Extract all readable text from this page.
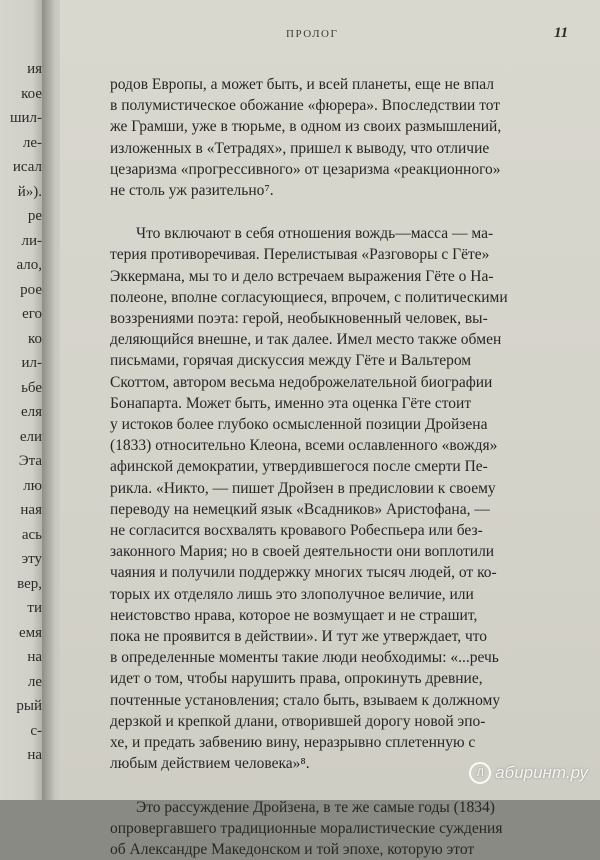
ия
кое
шил-
ле-
исал
й»).
ре
ли-
ало,
рое
его
ко
ил-
ьбе
еля
ели
Эта
лю
ная
ась
эту
вер,
ти
емя
на
ле
рый
с-
на
ПРОЛОГ	11
родов Европы, а может быть, и всей планеты, еще не впал
в полумистическое обожание «фюрера». Впоследствии тот
же Грамши, уже в тюрьме, в одном из своих размышлений,
изложенных в «Тетрадях», пришел к выводу, что отличие
цезаризма «прогрессивного» от цезаризма «реакционного»
не столь уж разительно⁷.
Что включают в себя отношения вождь—масса — ма-
терия противоречивая. Перелистывая «Разговоры с Гёте»
Эккермана, мы то и дело встречаем выражения Гёте о На-
полеоне, вполне согласующиеся, впрочем, с политическими
воззрениями поэта: герой, необыкновенный человек, вы-
деляющийся внешне, и так далее. Имел место также обмен
письмами, горячая дискуссия между Гёте и Вальтером
Скоттом, автором весьма недоброжелательной биографии
Бонапарта. Может быть, именно эта оценка Гёте стоит
у истоков более глубоко осмысленной позиции Дройзена
(1833) относительно Клеона, всеми ославленного «вождя»
афинской демократии, утвердившегося после смерти Пе-
рикла. «Никто, — пишет Дройзен в предисловии к своему
переводу на немецкий язык «Всадников» Аристофана, —
не согласится восхвалять кровавого Робеспьера или без-
законного Мария; но в своей деятельности они воплотили
чаяния и получили поддержку многих тысяч людей, от ко-
торых их отделяло лишь это злополучное величие, или
неистовство нрава, которое не возмущает и не страшит,
пока не проявится в действии». И тут же утверждает, что
в определенные моменты такие люди необходимы: «...речь
идет о том, чтобы нарушить права, опрокинуть древние,
почтенные установления; стало быть, взываем к должному
дерзкой и крепкой длани, отворившей дорогу новой эпо-
хе, и предать забвению вину, неразрывно сплетенную с
любым действием человека»⁸.
Это рассуждение Дройзена, в те же самые годы (1834)
опровергавшего традиционные моралистические суждения
об Александре Македонском и той эпохе, которую этот
Л абиринт.ру
